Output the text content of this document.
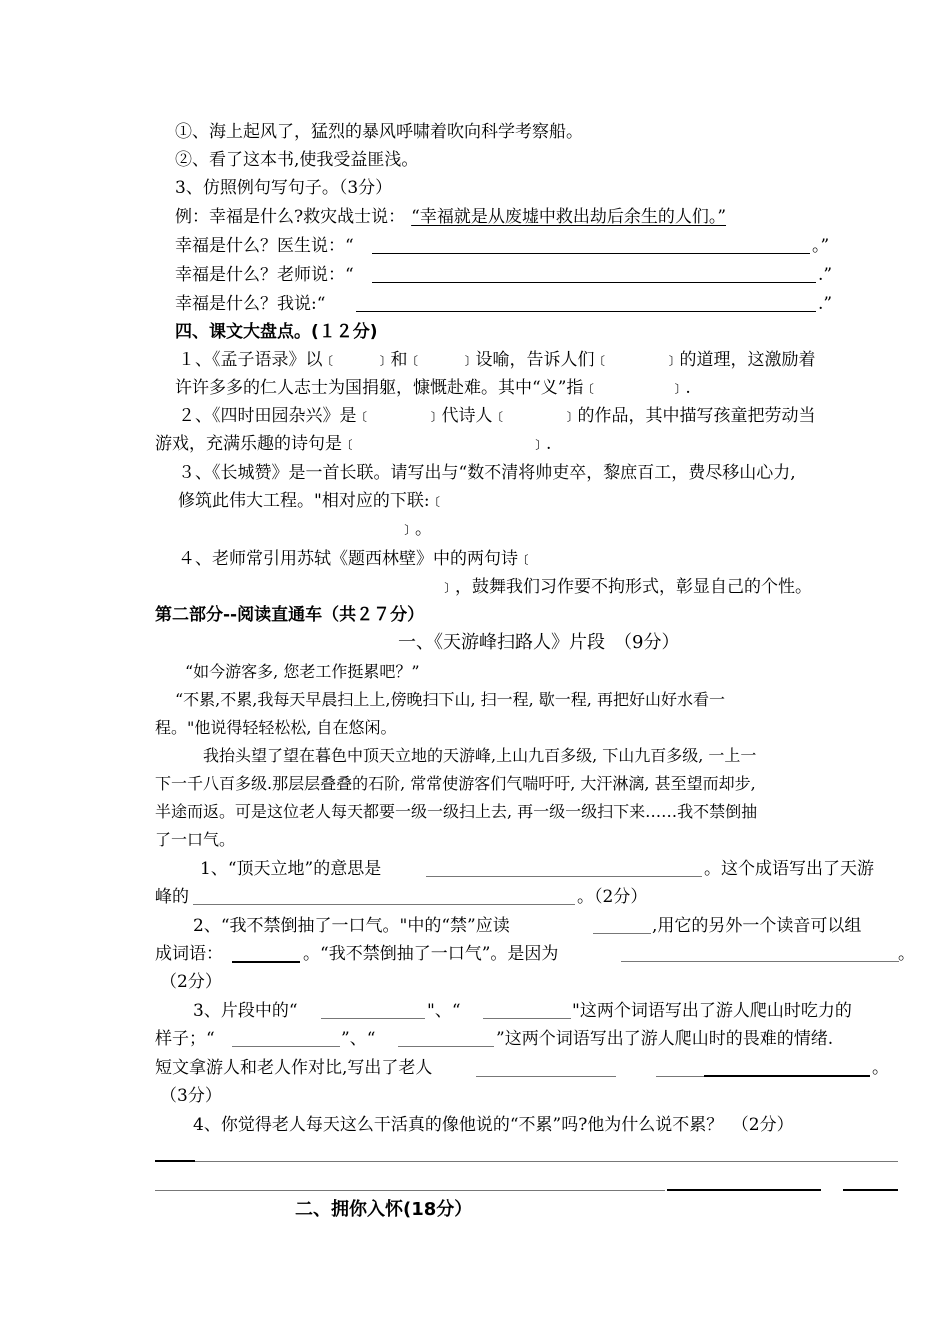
①、海上起风了，猛烈的暴风呼啸着吹向科学考察船。
②、看了这本书,使我受益匪浅。
3、仿照例句写句子。（3分）
例：幸福是什么?救灾战士说： “幸福就是从废墟中救出劫后余生的人们。”
幸福是什么？医生说：“	。”
幸福是什么？老师说：“	.”
幸福是什么？我说:“	.”
四、课文大盘点。(１２分)
１、《孟子语录》以﹝　　﹞和﹝　　﹞设喻，告诉人们﹝　　　﹞的道理，这激励着
许许多多的仁人志士为国捐躯，慷慨赴难。其中“义”指﹝　　　　﹞.
２、《四时田园杂兴》是﹝　　　﹞代诗人﹝　　　﹞的作品，其中描写孩童把劳动当
游戏，充满乐趣的诗句是﹝　　　　　　　　　　﹞.
３、《长城赞》是一首长联。请写出与“数不清将帅吏卒，黎庶百工，费尽移山心力,
修筑此伟大工程。"相对应的下联:﹝
﹞。
４、老师常引用苏轼《题西林壁》中的两句诗﹝
﹞，鼓舞我们习作要不拘形式，彰显自己的个性。
第二部分--阅读直通车（共２７分）
一、《天游峰扫路人》片段　（9分）
“如今游客多, 您老工作挺累吧？”
“不累,不累,我每天早晨扫上上,傍晚扫下山, 扫一程, 歇一程, 再把好山好水看一
程。"他说得轻轻松松, 自在悠闲。
我抬头望了望在暮色中顶天立地的天游峰,上山九百多级, 下山九百多级, 一上一
下一千八百多级.那层层叠叠的石阶, 常常使游客们气喘吁吁, 大汗淋漓, 甚至望而却步,
半途而返。可是这位老人每天都要一级一级扫上去, 再一级一级扫下来……我不禁倒抽
了一口气。
1、“顶天立地”的意思是	。这个成语写出了天游
峰的	。（2分）
2、“我不禁倒抽了一口气。"中的“禁”应读	,用它的另外一个读音可以组
成词语：	。“我不禁倒抽了一口气”。是因为	。
（2分）
3、片段中的“	"、“	"这两个词语写出了游人爬山时吃力的
样子；“	”、“	”这两个词语写出了游人爬山时的畏难的情绪.
短文拿游人和老人作对比,写出了老人	。
（3分）
4、你觉得老人每天这么干活真的像他说的“不累”吗?他为什么说不累？　（2分）
二、拥你入怀(18分）
